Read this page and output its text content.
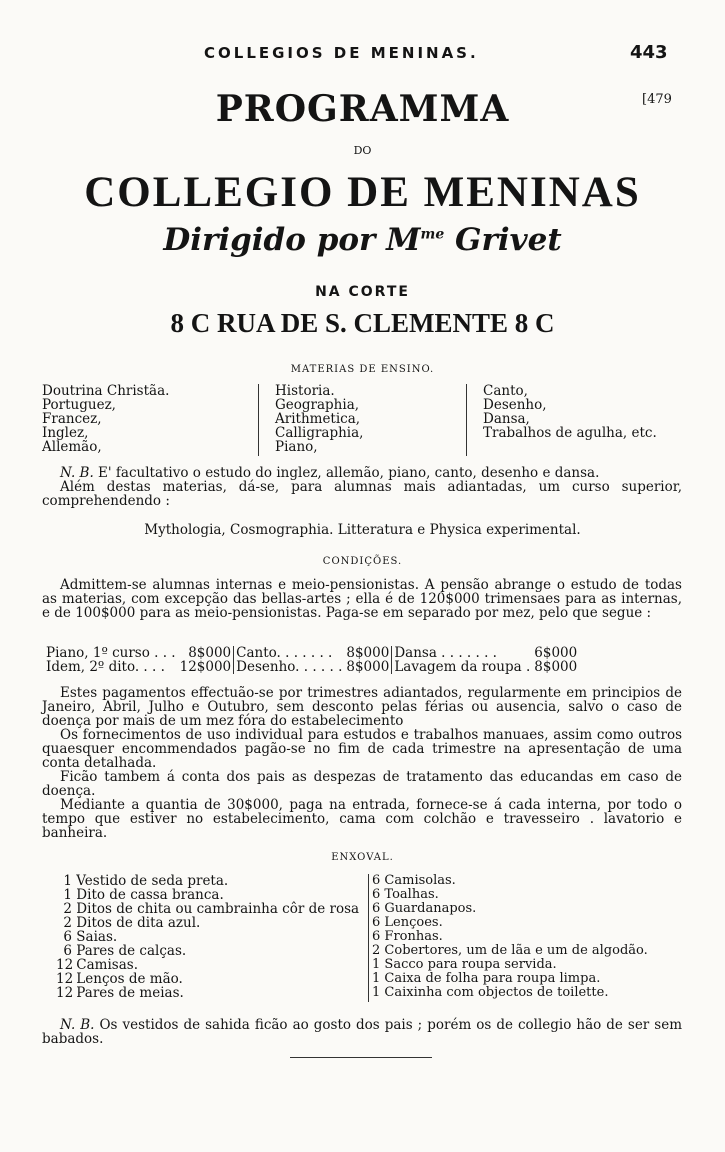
COLLEGIOS DE MENINAS.	443
[479
PROGRAMMA
DO
COLLEGIO DE MENINAS
Dirigido por $M^{me}$ Grivet
NA CORTE
8 C RUA DE S. CLEMENTE 8 C
MATERIAS DE ENSINO.
Doutrina Christãa.
Portuguez,
Francez,
Inglez,
Allemão,
Historia.
Geographia,
Arithmetica,
Calligraphia,
Piano,
Canto,
Desenho,
Dansa,
Trabalhos de agulha, etc.
N. B. E' facultativo o estudo do inglez, allemão, piano, canto, desenho e dansa.
Além destas materias, dá-se, para alumnas mais adiantadas, um curso superior, comprehendendo :
Mythologia, Cosmographia. Litteratura e Physica experimental.
CONDIÇÕES.
Admittem-se alumnas internas e meio-pensionistas. A pensão abrange o estudo de todas as materias, com excepção das bellas-artes ; ella é de 120$000 trimensaes para as internas, e de 100$000 para as meio-pensionistas. Paga-se em separado por mez, pelo que segue :
Piano, 1º curso . . .	8$000	Canto. . . . . . .	8$000	Dansa . . . . . . .	6$000
Idem, 2º dito. . . .	12$000	Desenho. . . . . .	8$000	Lavagem da roupa .	8$000
Estes pagamentos effectuão-se por trimestres adiantados, regularmente em principios de Janeiro, Abril, Julho e Outubro, sem desconto pelas férias ou ausencia, salvo o caso de doença por mais de um mez fóra do estabelecimento
Os fornecimentos de uso individual para estudos e trabalhos manuaes, assim como outros quaesquer encommendados pagão-se no fim de cada trimestre na apresentação de uma conta detalhada.
Ficão tambem á conta dos pais as despezas de tratamento das educandas em caso de doença.
Mediante a quantia de 30$000, paga na entrada, fornece-se á cada interna, por todo o tempo que estiver no estabelecimento, cama com colchão e travesseiro . lavatorio e banheira.
ENXOVAL.
1 Vestido de seda preta.
1 Dito de cassa branca.
2 Ditos de chita ou cambrainha côr de rosa
2 Ditos de dita azul.
6 Saias.
6 Pares de calças.
12 Camisas.
12 Lenços de mão.
12 Pares de meias.
6 Camisolas.
6 Toalhas.
6 Guardanapos.
6 Lençoes.
6 Fronhas.
2 Cobertores, um de lãa e um de algodão.
1 Sacco para roupa servida.
1 Caixa de folha para roupa limpa.
1 Caixinha com objectos de toilette.
N. B. Os vestidos de sahida ficão ao gosto dos pais ; porém os de collegio hão de ser sem babados.
